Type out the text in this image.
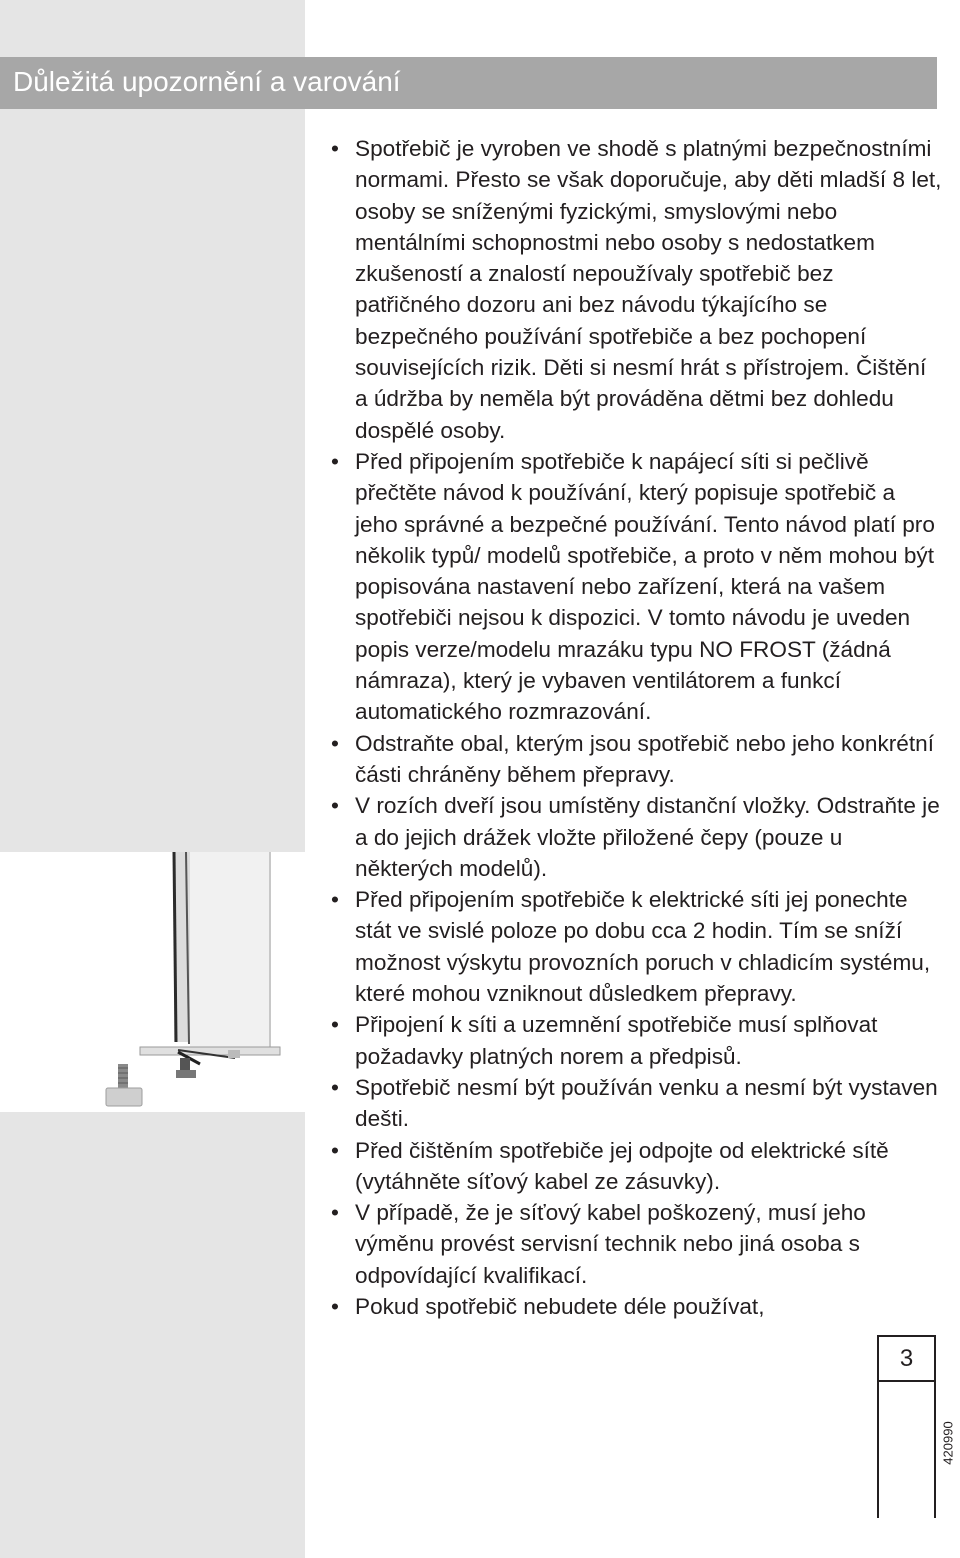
Důležitá upozornění a varování
• Spotřebič je vyroben ve shodě s platnými bezpečnostními normami. Přesto se však doporučuje, aby děti mladší 8 let, osoby se sníženými fyzickými, smyslovými nebo mentálními schopnostmi nebo osoby s nedostatkem zkušeností a znalostí nepoužívaly spotřebič bez patřičného dozoru ani bez návodu týkajícího se bezpečného používání spotřebiče a bez pochopení souvisejících rizik. Děti si nesmí hrát s přístrojem. Čištění a údržba by neměla být prováděna dětmi bez dohledu dospělé osoby.
• Před připojením spotřebiče k napájecí síti si pečlivě přečtěte návod k používání, který popisuje spotřebič a jeho správné a bezpečné používání. Tento návod platí pro několik typů/ modelů spotřebiče, a proto v něm mohou být popisována nastavení nebo zařízení, která na vašem spotřebiči nejsou k dispozici. V tomto návodu je uveden popis verze/modelu mrazáku typu NO FROST (žádná námraza), který je vybaven ventilátorem a funkcí automatického rozmrazování.
• Odstraňte obal, kterým jsou spotřebič nebo jeho konkrétní části chráněny během přepravy.
• V rozích dveří jsou umístěny distanční vložky. Odstraňte je a do jejich drážek vložte přiložené čepy (pouze u některých modelů).
• Před připojením spotřebiče k elektrické síti jej ponechte stát ve svislé poloze po dobu cca 2 hodin. Tím se sníží možnost výskytu provozních poruch v chladicím systému, které mohou vzniknout důsledkem přepravy.
• Připojení k síti a uzemnění spotřebiče musí splňovat požadavky platných norem a předpisů.
• Spotřebič nesmí být používán venku a nesmí být vystaven dešti.
• Před čištěním spotřebiče jej odpojte od elektrické sítě (vytáhněte síťový kabel ze zásuvky).
• V případě, že je síťový kabel poškozený, musí jeho výměnu provést servisní technik nebo jiná osoba s odpovídající kvalifikací.
• Pokud spotřebič nebudete déle používat,
420990
3
